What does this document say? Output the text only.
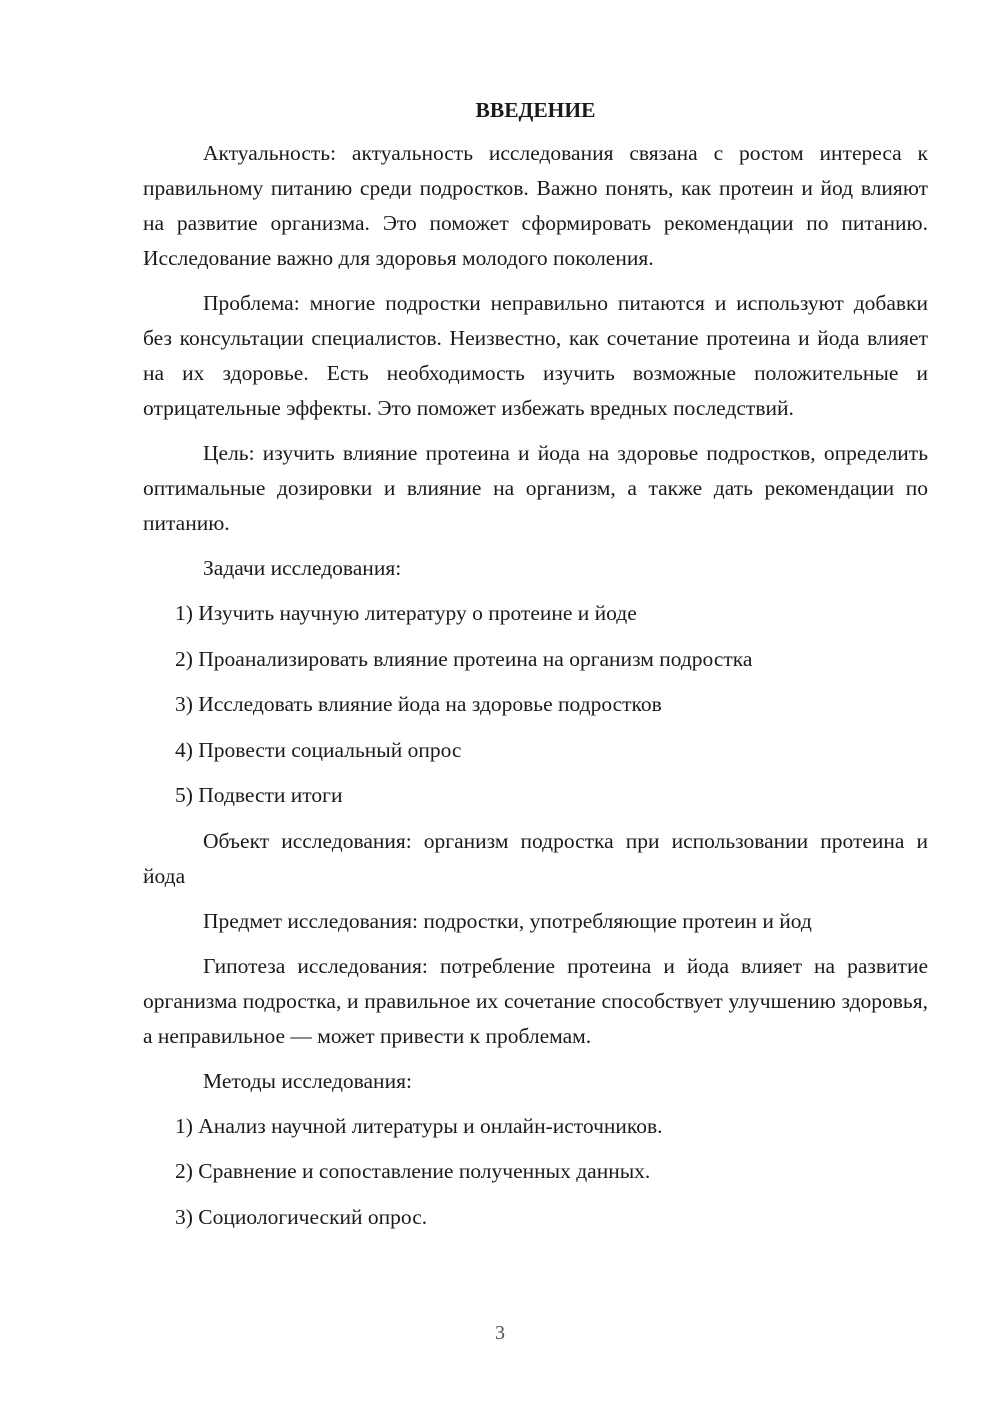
ВВЕДЕНИЕ

Актуальность: актуальность исследования связана с ростом интереса к правильному питанию среди подростков. Важно понять, как протеин и йод влияют на развитие организма. Это поможет сформировать рекомендации по питанию. Исследование важно для здоровья молодого поколения.

Проблема: многие подростки неправильно питаются и используют добавки без консультации специалистов. Неизвестно, как сочетание протеина и йода влияет на их здоровье. Есть необходимость изучить возможные положительные и отрицательные эффекты. Это поможет избежать вредных последствий.

Цель: изучить влияние протеина и йода на здоровье подростков, определить оптимальные дозировки и влияние на организм, а также дать рекомендации по питанию.

Задачи исследования:

1) Изучить научную литературу о протеине и йоде
2) Проанализировать влияние протеина на организм подростка
3) Исследовать влияние йода на здоровье подростков
4) Провести социальный опрос
5) Подвести итоги

Объект исследования: организм подростка при использовании протеина и йода

Предмет исследования: подростки, употребляющие протеин и йод

Гипотеза исследования: потребление протеина и йода влияет на развитие организма подростка, и правильное их сочетание способствует улучшению здоровья, а неправильное — может привести к проблемам.

Методы исследования:

1) Анализ научной литературы и онлайн-источников.
2) Сравнение и сопоставление полученных данных.
3) Социологический опрос.
3
